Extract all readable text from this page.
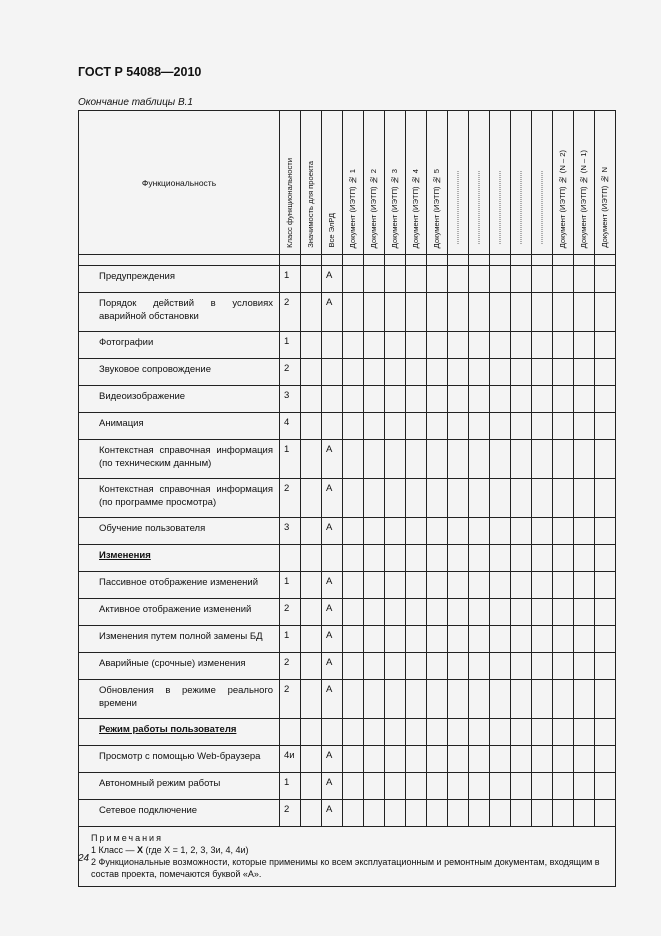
ГОСТ Р 54088—2010
Окончание таблицы В.1
Функциональность	Класс функциональности	Значимость для проекта	Все ЭлРД	Документ (ИЭТП) № 1	Документ (ИЭТП) № 2	Документ (ИЭТП) № 3	Документ (ИЭТП) № 4	Документ (ИЭТП) № 5						Документ (ИЭТП) № (N – 2)	Документ (ИЭТП) № (N – 1)	Документ (ИЭТП) № N

Предупреждения	1		А													
Порядок действий в условиях аварийной обстановки	2		А													
Фотографии	1															
Звуковое сопровождение	2															
Видеоизображение	3															
Анимация	4															
Контекстная справочная информация (по техническим данным)	1		А													
Контекстная справочная информация (по программе просмотра)	2		А													
Обучение пользователя	3		А													
Изменения																
Пассивное отображение изменений	1		А													
Активное отображение изменений	2		А													
Изменения путем полной замены БД	1		А													
Аварийные (срочные) изменения	2		А													
Обновления в режиме реального времени	2		А													
Режим работы пользователя																
Просмотр с помощью Web-браузера	4и		А													
Автономный режим работы	1		А													
Сетевое подключение	2		А													

Примечания
1 Класс — X (где X = 1, 2, 3, 3и, 4, 4и)
2 Функциональные возможности, которые применимы ко всем эксплуатационным и ремонтным документам, входящим в состав проекта, помечаются буквой «А».																
24
